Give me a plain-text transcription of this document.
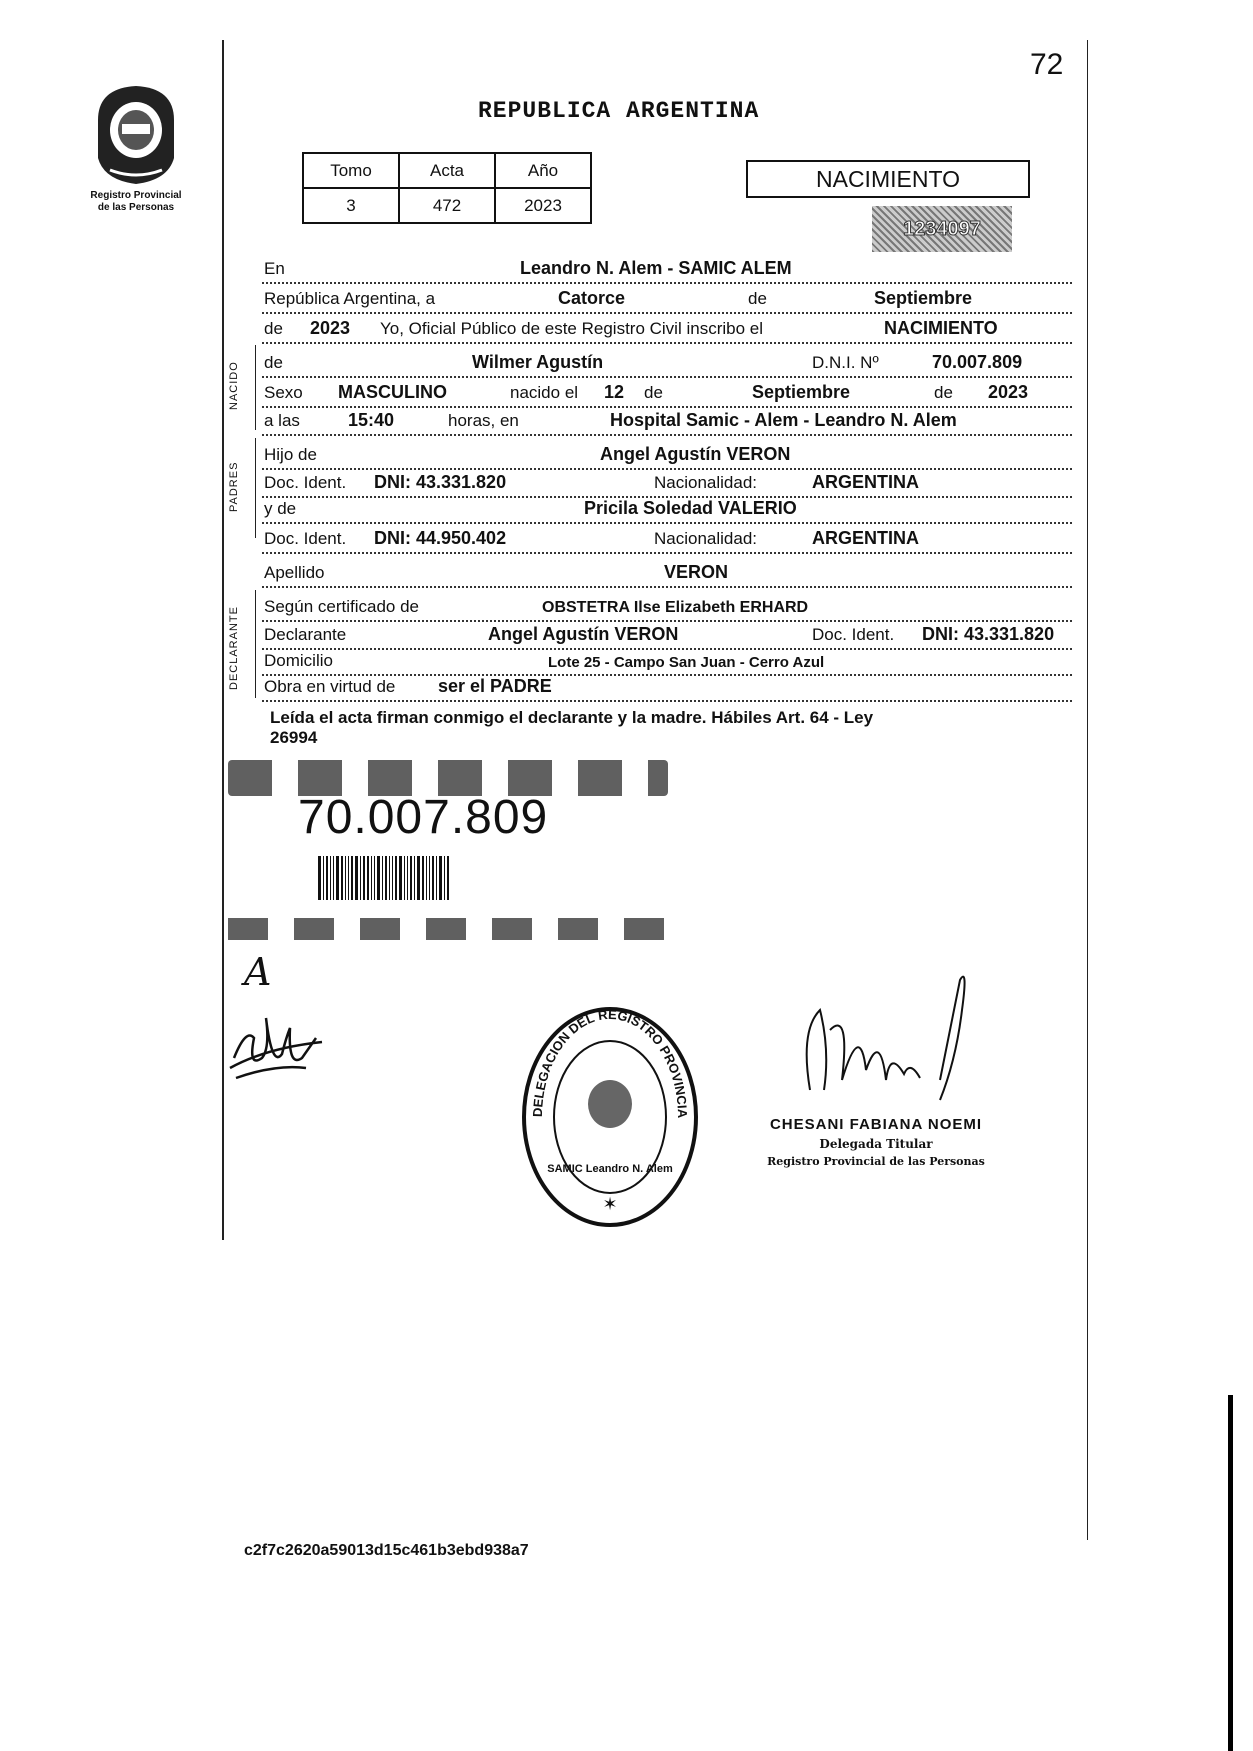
72
Registro Provincial
de las Personas
REPUBLICA ARGENTINA
Tomo	Acta	Año
3	472	2023
NACIMIENTO
1234097
En	Leandro N. Alem - SAMIC ALEM
República Argentina, a	Catorce	de	Septiembre
de 2023 Yo, Oficial Público de este Registro Civil inscribo el	NACIMIENTO
de	Wilmer Agustín	D.N.I. Nº	70.007.809
Sexo MASCULINO	nacido el 12 de	Septiembre	de 2023
a las	15:40	horas, en	Hospital Samic - Alem - Leandro N. Alem
Hijo de	Angel Agustín VERON
Doc. Ident. DNI: 43.331.820	Nacionalidad:	ARGENTINA
y de	Pricila Soledad VALERIO
Doc. Ident. DNI: 44.950.402	Nacionalidad:	ARGENTINA
Apellido	VERON
Según certificado de	OBSTETRA Ilse Elizabeth ERHARD
Declarante	Angel Agustín VERON	Doc. Ident. DNI: 43.331.820
Domicilio	Lote 25 - Campo San Juan - Cerro Azul
Obra en virtud de ser el PADRE
NACIDO
PADRES
DECLARANTE
Leída el acta firman conmigo el declarante y la madre. Hábiles Art. 64 - Ley
26994
70.007.809
A
DELEGACION DEL REGISTRO PROVINCIA
SAMIC Leandro N. Alem
✶
CHESANI FABIANA NOEMI
Delegada Titular
Registro Provincial de las Personas
c2f7c2620a59013d15c461b3ebd938a7
